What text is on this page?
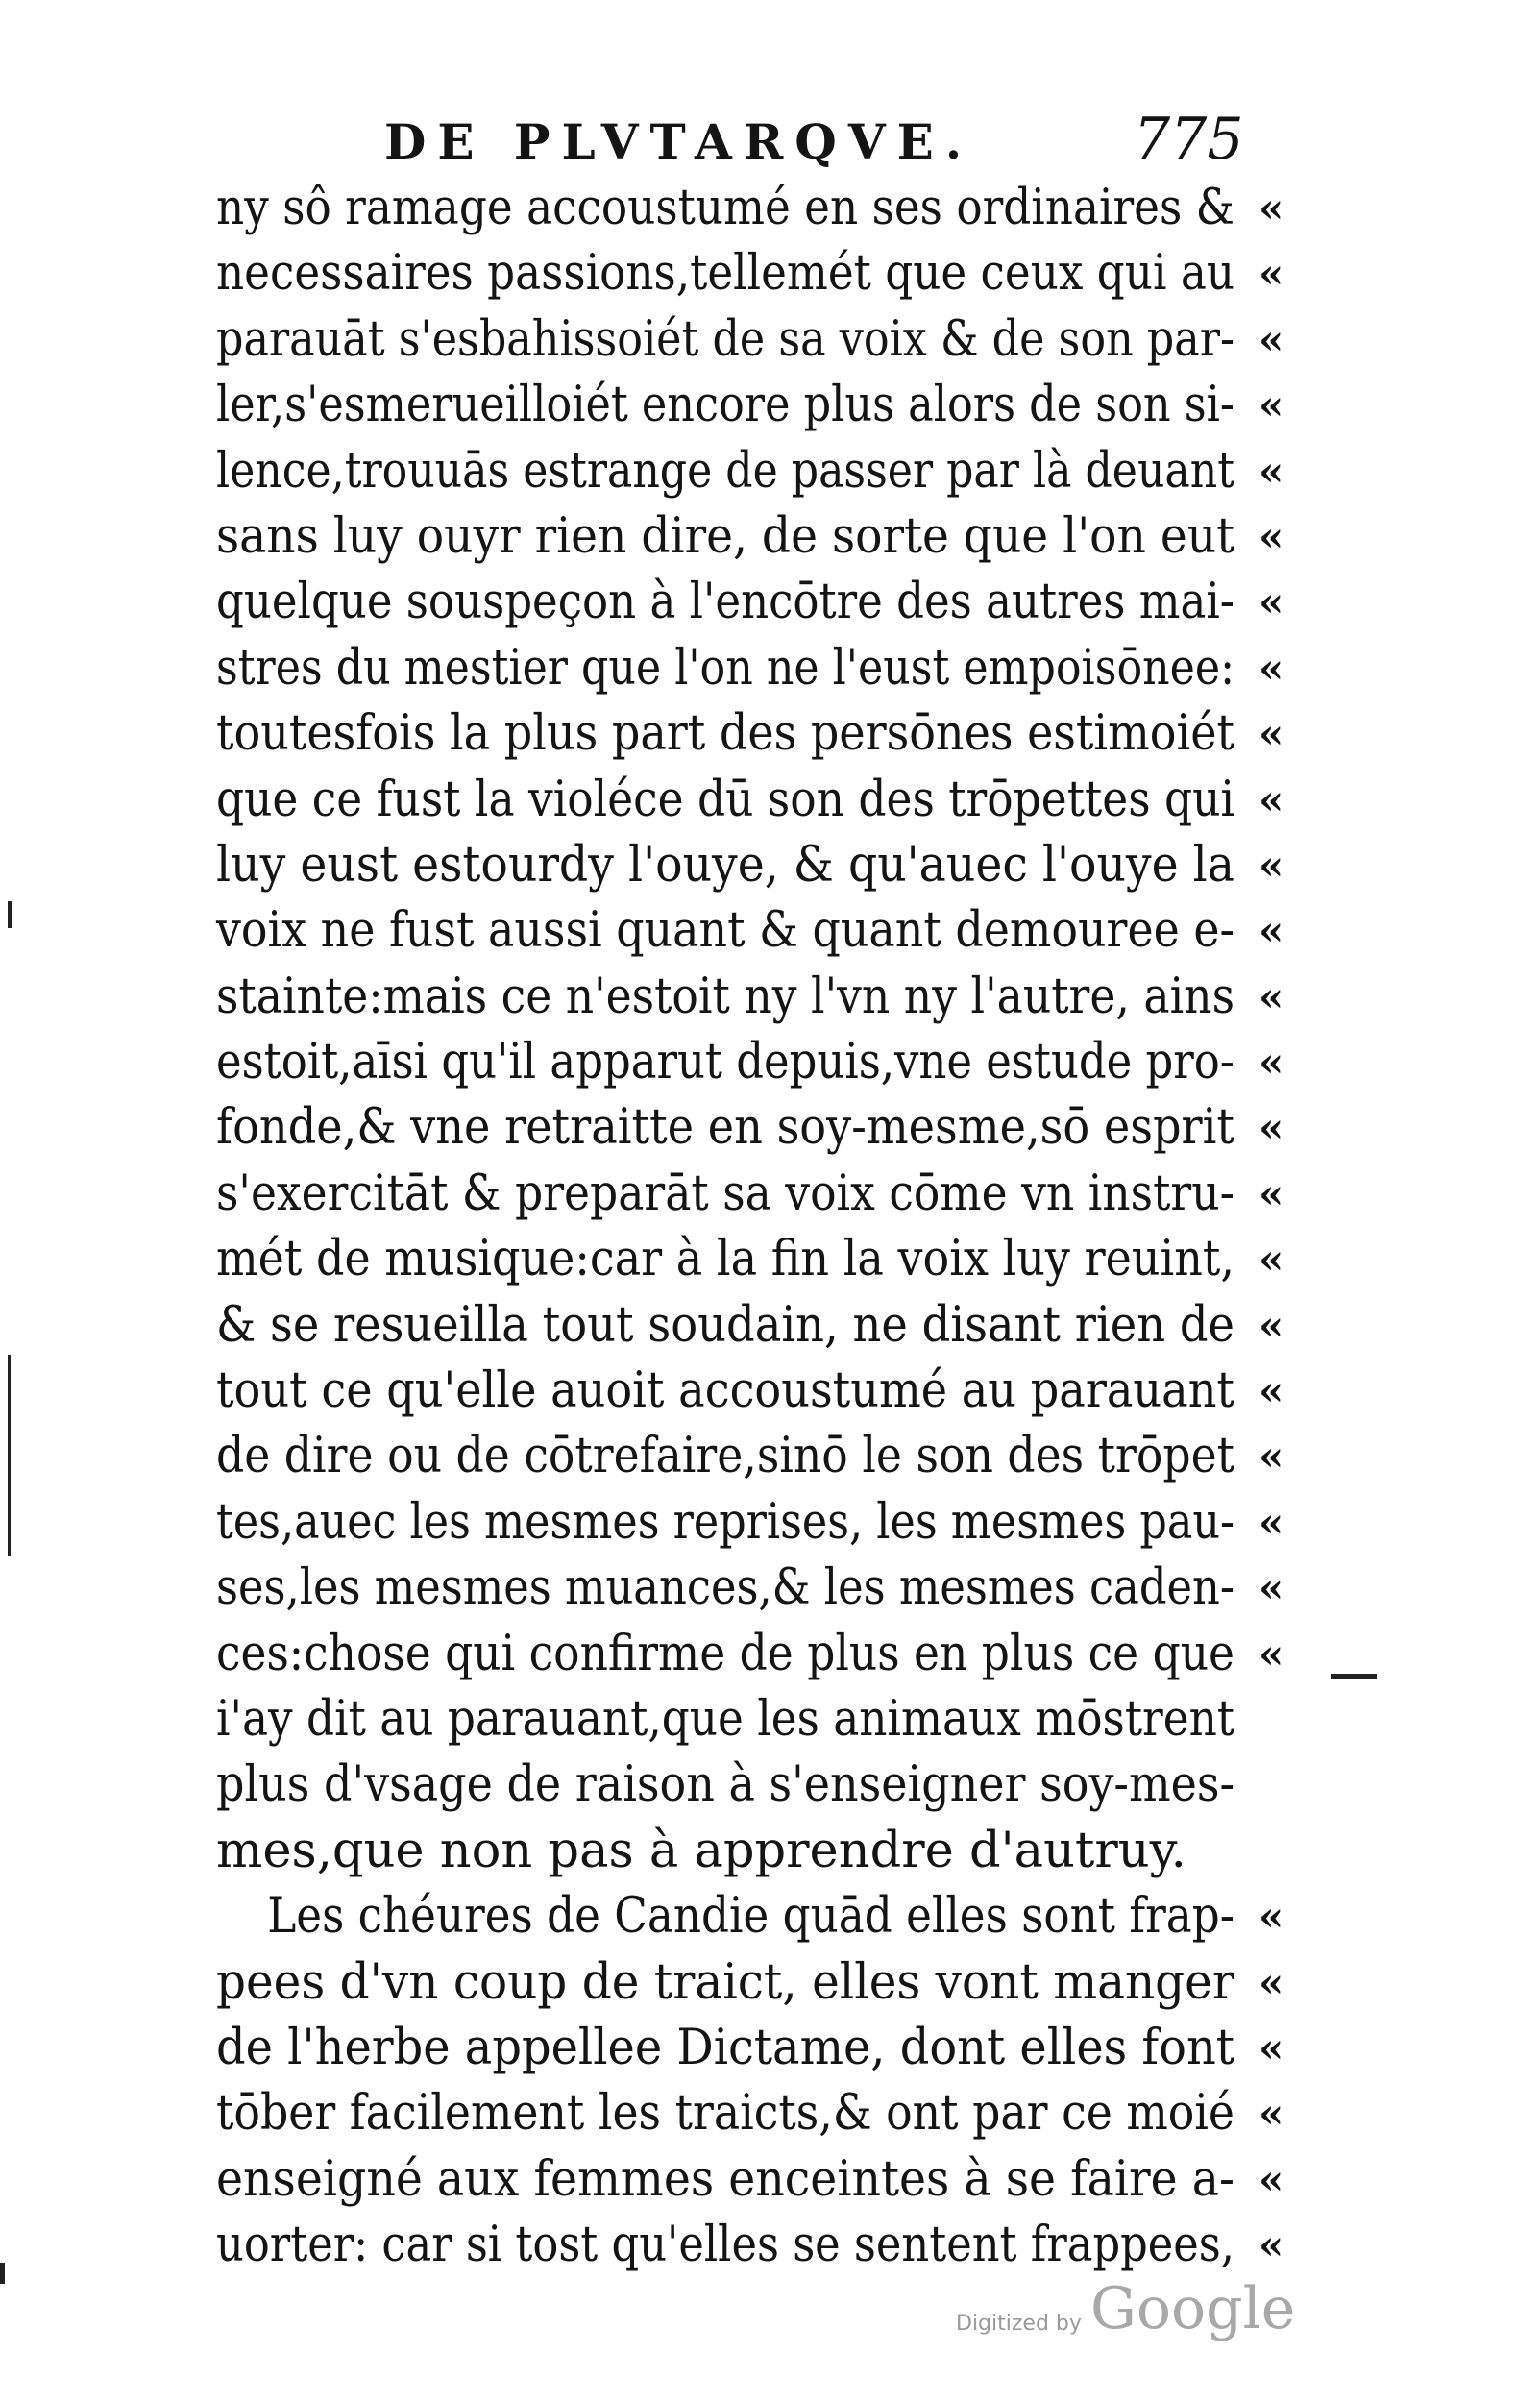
DE PLVTARQVE.	775
ny sô ramage accoustumé en ses ordinaires & «
necessaires passions,tellemét que ceux qui au «
parauāt s'esbahissoiét de sa voix & de son par- «
ler,s'esmerueilloiét encore plus alors de son si- «
lence,trouuās estrange de passer par là deuant «
sans luy ouyr rien dire, de sorte que l'on eut «
quelque souspeçon à l'encōtre des autres mai- «
stres du mestier que l'on ne l'eust empoisōnee: «
toutesfois la plus part des persōnes estimoiét «
que ce fust la violéce dū son des trōpettes qui «
luy eust estourdy l'ouye, & qu'auec l'ouye la «
voix ne fust aussi quant & quant demouree e- «
stainte:mais ce n'estoit ny l'vn ny l'autre, ains «
estoit,aīsi qu'il apparut depuis,vne estude pro- «
fonde,& vne retraitte en soy-mesme,sō esprit «
s'exercitāt & preparāt sa voix cōme vn instru- «
mét de musique:car à la fin la voix luy reuint, «
& se resueilla tout soudain, ne disant rien de «
tout ce qu'elle auoit accoustumé au parauant «
de dire ou de cōtrefaire,sinō le son des trōpet «
tes,auec les mesmes reprises, les mesmes pau- «
ses,les mesmes muances,& les mesmes caden- «
ces:chose qui confirme de plus en plus ce que «
i'ay dit au parauant,que les animaux mōstrent
plus d'vsage de raison à s'enseigner soy-mes-
mes,que non pas à apprendre d'autruy.
Les chéures de Candie quād elles sont frap- «
pees d'vn coup de traict, elles vont manger «
de l'herbe appellee Dictame, dont elles font «
tōber facilement les traicts,& ont par ce moié «
enseigné aux femmes enceintes à se faire a- «
uorter: car si tost qu'elles se sentent frappees, «
Digitized by Google
